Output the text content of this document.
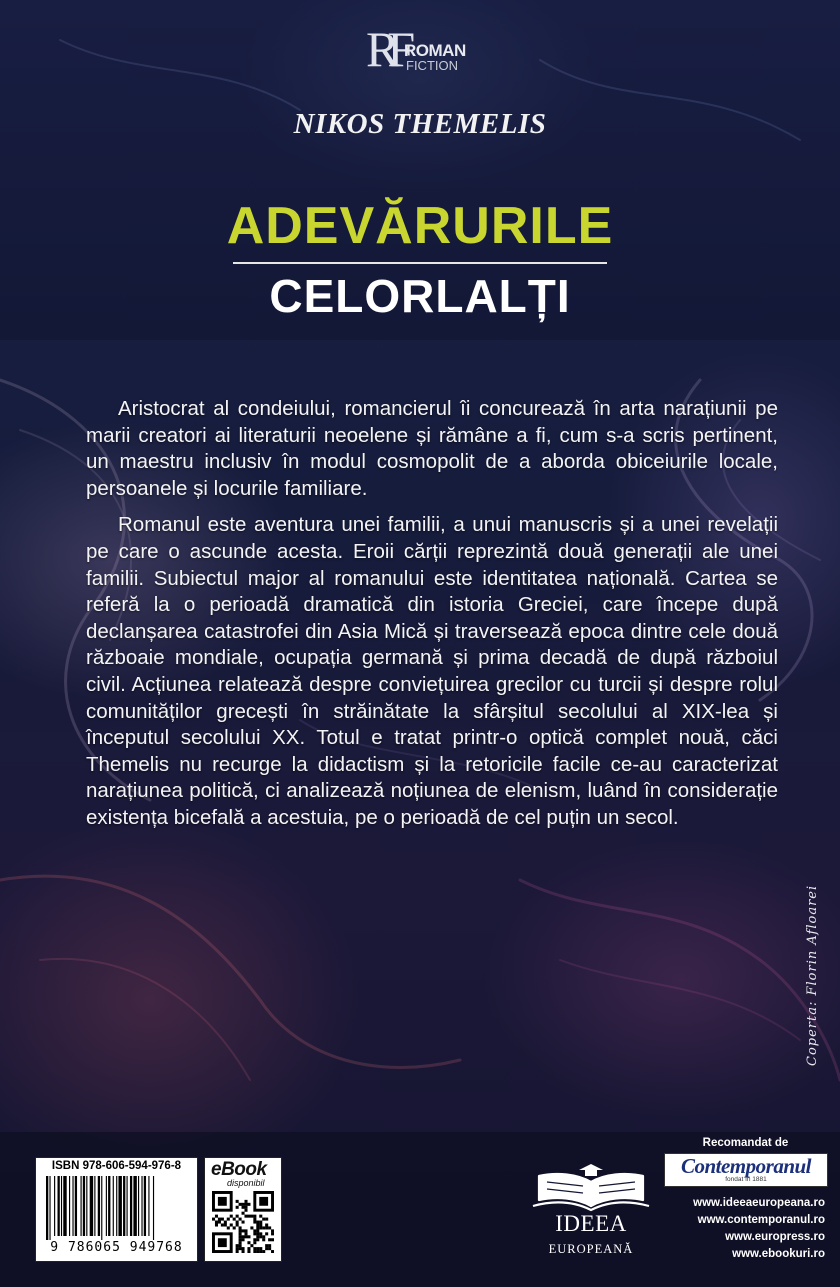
RF ROMAN
FICTION
NIKOS THEMELIS
ADEVĂRURILE
CELORLALȚI

Aristocrat al condeiului, romancierul îi concurează în arta narațiunii pe marii creatori ai literaturii neoelene și rămâne a fi, cum s-a scris pertinent, un maestru inclusiv în modul cosmopolit de a aborda obiceiurile locale, persoanele și locurile familiare.

Romanul este aventura unei familii, a unui manuscris și a unei revelații pe care o ascunde acesta. Eroii cărții reprezintă două generații ale unei familii. Subiectul major al romanului este identitatea națională. Cartea se referă la o perioadă dramatică din istoria Greciei, care începe după declanșarea catastrofei din Asia Mică și traversează epoca dintre cele două războaie mondiale, ocupația germană și prima decadă de după războiul civil. Acțiunea relatează despre conviețuirea grecilor cu turcii și despre rolul comunităților grecești în străinătate la sfârșitul secolului al XIX-lea și începutul secolului XX. Totul e tratat printr-o optică complet nouă, căci Themelis nu recurge la didactism și la retoricile facile ce-au caracterizat narațiunea politică, ci analizează noțiunea de elenism, luând în considerație existența bicefală a acestuia, pe o perioadă de cel puțin un secol.

Coperta: Florin Afloarei
ISBN 978-606-594-976-8
9 786065 949768
eBook
disponibil
IDEEA
EUROPEANĂ
Recomandat de
Contemporanul
fondat în 1881
www.ideeaeuropeana.ro
www.contemporanul.ro
www.europress.ro
www.ebookuri.ro
